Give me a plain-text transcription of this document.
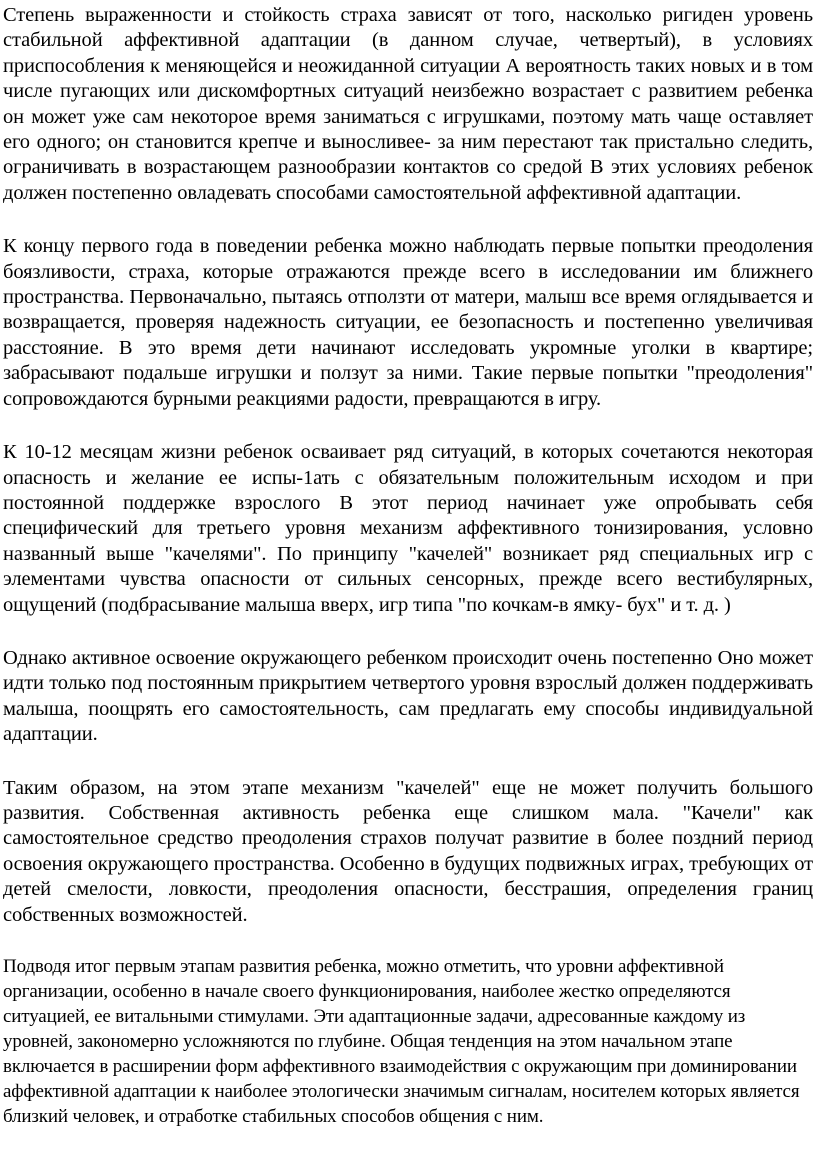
Степень выраженности и стойкость страха зависят от того, насколько ригиден уровень стабильной аффективной адаптации (в данном случае, четвертый), в условиях приспособления к меняющейся и неожиданной ситуации А вероятность таких новых и в том числе пугающих или дискомфортных ситуаций неизбежно возрастает с развитием ребенка он может уже сам некоторое время заниматься с игрушками, поэтому мать чаще оставляет его одного; он становится крепче и выносливее- за ним перестают так пристально следить, ограничивать в возрастающем разнообразии контактов со средой В этих условиях ребенок должен постепенно овладевать способами самостоятельной аффективной адаптации.

К концу первого года в поведении ребенка можно наблюдать первые попытки преодоления боязливости, страха, которые отражаются прежде всего в исследовании им ближнего пространства. Первоначально, пытаясь отползти от матери, малыш все время оглядывается и возвращается, проверяя надежность ситуации, ее безопасность и постепенно увеличивая расстояние. В это время дети начинают исследовать укромные уголки в квартире; забрасывают подальше игрушки и ползут за ними. Такие первые попытки "преодоления" сопровождаются бурными реакциями радости, превращаются в игру.

К 10-12 месяцам жизни ребенок осваивает ряд ситуаций, в которых сочетаются некоторая опасность и желание ее испы-1ать с обязательным положительным исходом и при постоянной поддержке взрослого В этот период начинает уже опробывать себя специфический для третьего уровня механизм аффективного тонизирования, условно названный выше "качелями". По принципу "качелей" возникает ряд специальных игр с элементами чувства опасности от сильных сенсорных, прежде всего вестибулярных, ощущений (подбрасывание малыша вверх, игр типа "по кочкам-в ямку- бух" и т. д. )

Однако активное освоение окружающего ребенком происходит очень постепенно Оно может идти только под постоянным прикрытием четвертого уровня взрослый должен поддерживать малыша, поощрять его самостоятельность, сам предлагать ему способы индивидуальной адаптации.

Таким образом, на этом этапе механизм "качелей" еще не может получить большого развития. Собственная активность ребенка еще слишком мала. "Качели" как самостоятельное средство преодоления страхов получат развитие в более поздний период освоения окружающего пространства. Особенно в будущих подвижных играх, требующих от детей смелости, ловкости, преодоления опасности, бесстрашия, определения границ собственных возможностей.

Подводя итог первым этапам развития ребенка, можно отметить, что уровни аффективной организации, особенно в начале своего функционирования, наиболее жестко определяются ситуацией, ее витальными стимулами. Эти адаптационные задачи, адресованные каждому из уровней, закономерно усложняются по глубине. Общая тенденция на этом начальном этапе включается в расширении форм аффективного взаимодействия с окружающим при доминировании аффективной адаптации к наиболее этологически значимым сигналам, носителем которых является близкий человек, и отработке стабильных способов общения с ним.
